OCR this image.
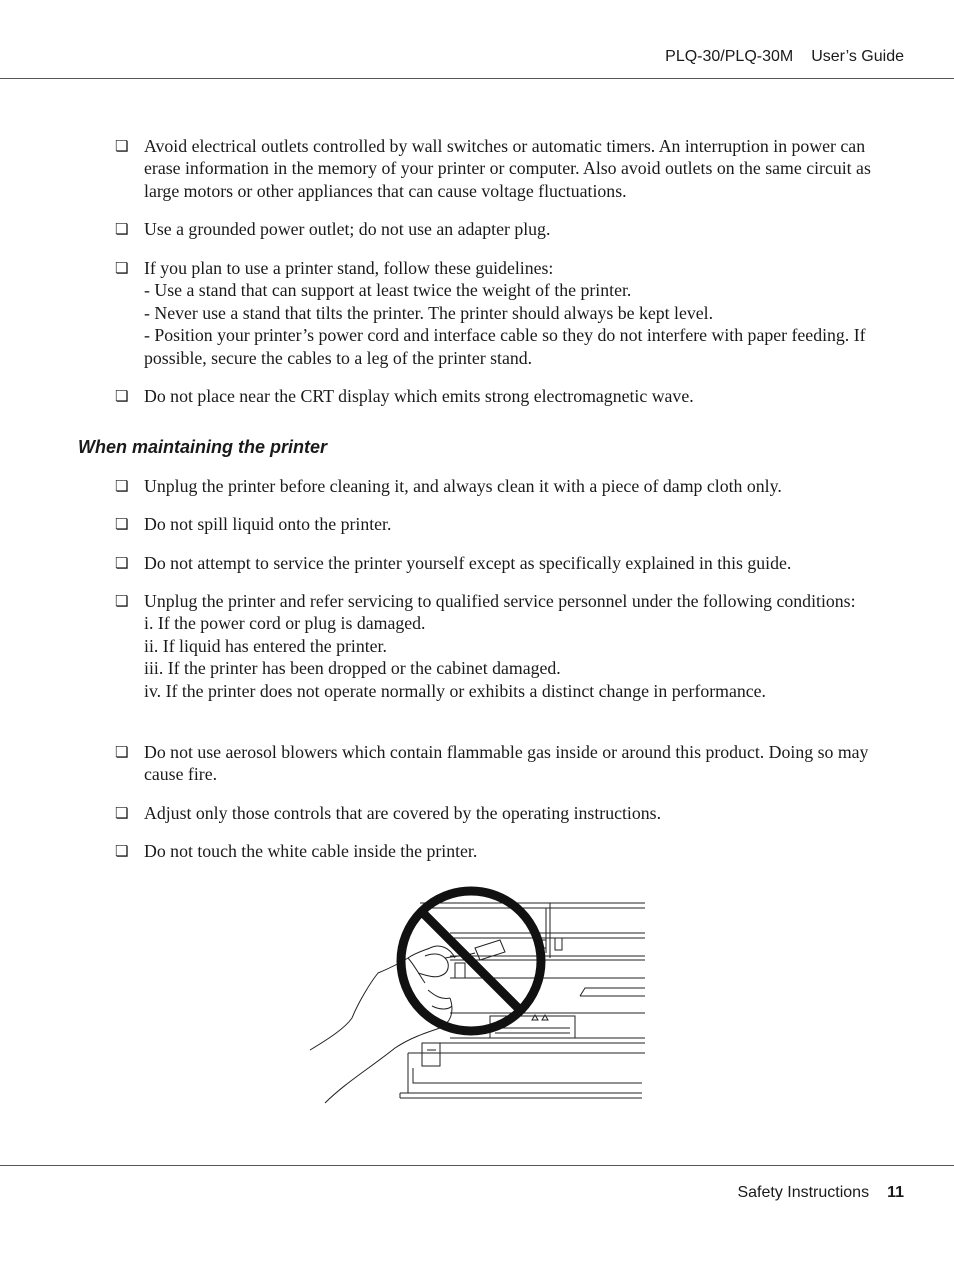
PLQ-30/PLQ-30M User’s Guide
❏ Avoid electrical outlets controlled by wall switches or automatic timers. An interruption in power can erase information in the memory of your printer or computer. Also avoid outlets on the same circuit as large motors or other appliances that can cause voltage fluctuations.
❏ Use a grounded power outlet; do not use an adapter plug.
❏ If you plan to use a printer stand, follow these guidelines:
- Use a stand that can support at least twice the weight of the printer.
- Never use a stand that tilts the printer. The printer should always be kept level.
- Position your printer’s power cord and interface cable so they do not interfere with paper feeding. If possible, secure the cables to a leg of the printer stand.
❏ Do not place near the CRT display which emits strong electromagnetic wave.
When maintaining the printer
❏ Unplug the printer before cleaning it, and always clean it with a piece of damp cloth only.
❏ Do not spill liquid onto the printer.
❏ Do not attempt to service the printer yourself except as specifically explained in this guide.
❏ Unplug the printer and refer servicing to qualified service personnel under the following conditions:
i. If the power cord or plug is damaged.
ii. If liquid has entered the printer.
iii. If the printer has been dropped or the cabinet damaged.
iv. If the printer does not operate normally or exhibits a distinct change in performance.
❏ Do not use aerosol blowers which contain flammable gas inside or around this product. Doing so may cause fire.
❏ Adjust only those controls that are covered by the operating instructions.
❏ Do not touch the white cable inside the printer.
Safety Instructions 11
